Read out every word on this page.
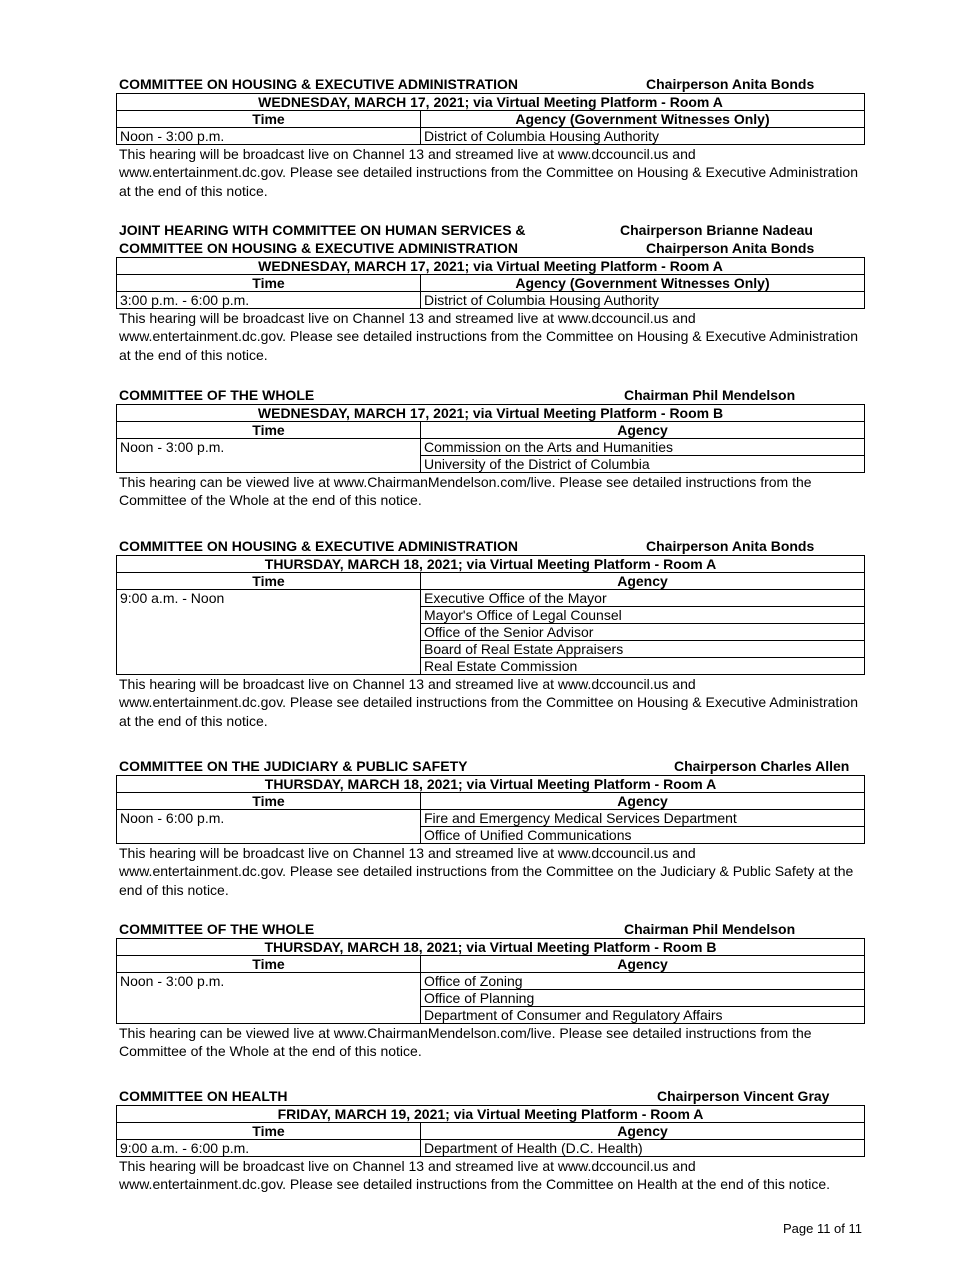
COMMITTEE ON HOUSING & EXECUTIVE ADMINISTRATION	Chairperson Anita Bonds
WEDNESDAY, MARCH 17, 2021; via Virtual Meeting Platform - Room A	
Time	Agency (Government Witnesses Only)
Noon - 3:00 p.m.	District of Columbia Housing Authority
This hearing will be broadcast live on Channel 13 and streamed live at www.dccouncil.us and www.entertainment.dc.gov. Please see detailed instructions from the Committee on Housing & Executive Administration at the end of this notice.
JOINT HEARING WITH COMMITTEE ON HUMAN SERVICES &	Chairperson Brianne Nadeau
COMMITTEE ON HOUSING & EXECUTIVE ADMINISTRATION	Chairperson Anita Bonds
WEDNESDAY, MARCH 17, 2021; via Virtual Meeting Platform - Room A	
Time	Agency (Government Witnesses Only)
3:00 p.m. - 6:00 p.m.	District of Columbia Housing Authority
This hearing will be broadcast live on Channel 13 and streamed live at www.dccouncil.us and www.entertainment.dc.gov. Please see detailed instructions from the Committee on Housing & Executive Administration at the end of this notice.
COMMITTEE OF THE WHOLE	Chairman Phil Mendelson
WEDNESDAY, MARCH 17, 2021; via Virtual Meeting Platform - Room B	
Time	Agency
Noon - 3:00 p.m.	Commission on the Arts and Humanities
	University of the District of Columbia
This hearing can be viewed live at www.ChairmanMendelson.com/live. Please see detailed instructions from the Committee of the Whole at the end of this notice.
COMMITTEE ON HOUSING & EXECUTIVE ADMINISTRATION	Chairperson Anita Bonds
THURSDAY, MARCH 18, 2021; via Virtual Meeting Platform - Room A	
Time	Agency
9:00 a.m. - Noon	Executive Office of the Mayor
	Mayor's Office of Legal Counsel
	Office of the Senior Advisor
	Board of Real Estate Appraisers
	Real Estate Commission
This hearing will be broadcast live on Channel 13 and streamed live at www.dccouncil.us and www.entertainment.dc.gov. Please see detailed instructions from the Committee on Housing & Executive Administration at the end of this notice.
COMMITTEE ON THE JUDICIARY & PUBLIC SAFETY	Chairperson Charles Allen
THURSDAY, MARCH 18, 2021; via Virtual Meeting Platform - Room A	
Time	Agency
Noon - 6:00 p.m.	Fire and Emergency Medical Services Department
	Office of Unified Communications
This hearing will be broadcast live on Channel 13 and streamed live at www.dccouncil.us and www.entertainment.dc.gov. Please see detailed instructions from the Committee on the Judiciary & Public Safety at the end of this notice.
COMMITTEE OF THE WHOLE	Chairman Phil Mendelson
THURSDAY, MARCH 18, 2021; via Virtual Meeting Platform - Room B	
Time	Agency
Noon - 3:00 p.m.	Office of Zoning
	Office of Planning
	Department of Consumer and Regulatory Affairs
This hearing can be viewed live at www.ChairmanMendelson.com/live. Please see detailed instructions from the Committee of the Whole at the end of this notice.
COMMITTEE ON HEALTH	Chairperson Vincent Gray
FRIDAY, MARCH 19, 2021; via Virtual Meeting Platform - Room A	
Time	Agency
9:00 a.m. - 6:00 p.m.	Department of Health (D.C. Health)
This hearing will be broadcast live on Channel 13 and streamed live at www.dccouncil.us and www.entertainment.dc.gov. Please see detailed instructions from the Committee on Health at the end of this notice.
Page 11 of 11
